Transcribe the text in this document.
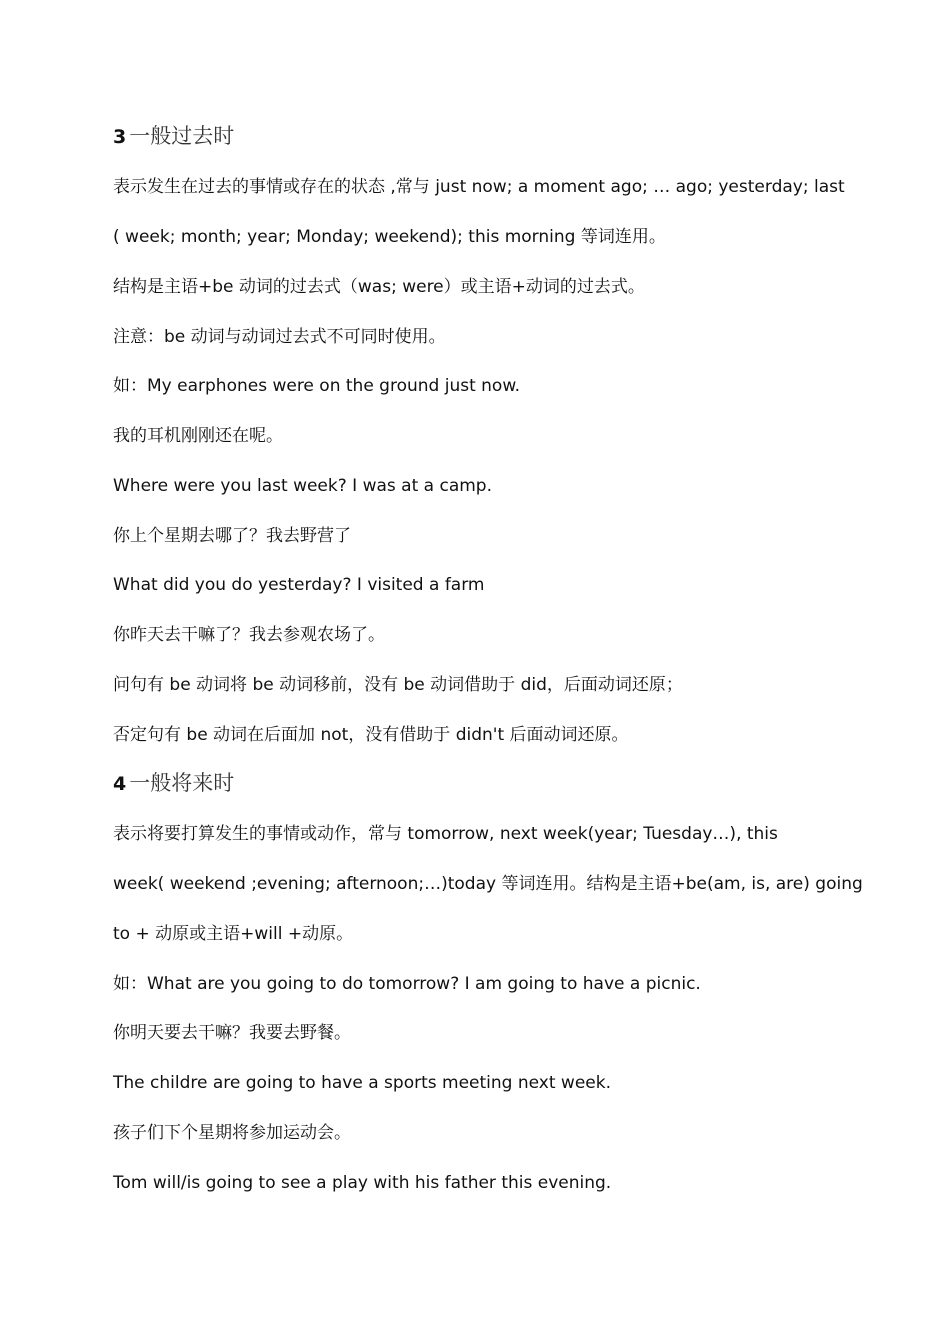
3 一般过去时
表示发生在过去的事情或存在的状态 ,常与 just now; a moment ago; … ago; yesterday; last
( week; month; year; Monday; weekend); this morning 等词连用。
结构是主语+be 动词的过去式（was; were）或主语+动词的过去式。
注意：be 动词与动词过去式不可同时使用。
如：My earphones were on the ground just now.
我的耳机刚刚还在呢。
Where were you last week? I was at a camp.
你上个星期去哪了？我去野营了
What did you do yesterday? I visited a farm
你昨天去干嘛了？我去参观农场了。
问句有 be 动词将 be 动词移前，没有 be 动词借助于 did，后面动词还原；
否定句有 be 动词在后面加 not，没有借助于 didn't 后面动词还原。
4 一般将来时
表示将要打算发生的事情或动作，常与 tomorrow, next week(year; Tuesday…), this
week( weekend ;evening; afternoon;…)today 等词连用。结构是主语+be(am, is, are) going
to + 动原或主语+will +动原。
如：What are you going to do tomorrow? I am going to have a picnic.
你明天要去干嘛？我要去野餐。
The childre are going to have a sports meeting next week.
孩子们下个星期将参加运动会。
Tom will/is going to see a play with his father this evening.
